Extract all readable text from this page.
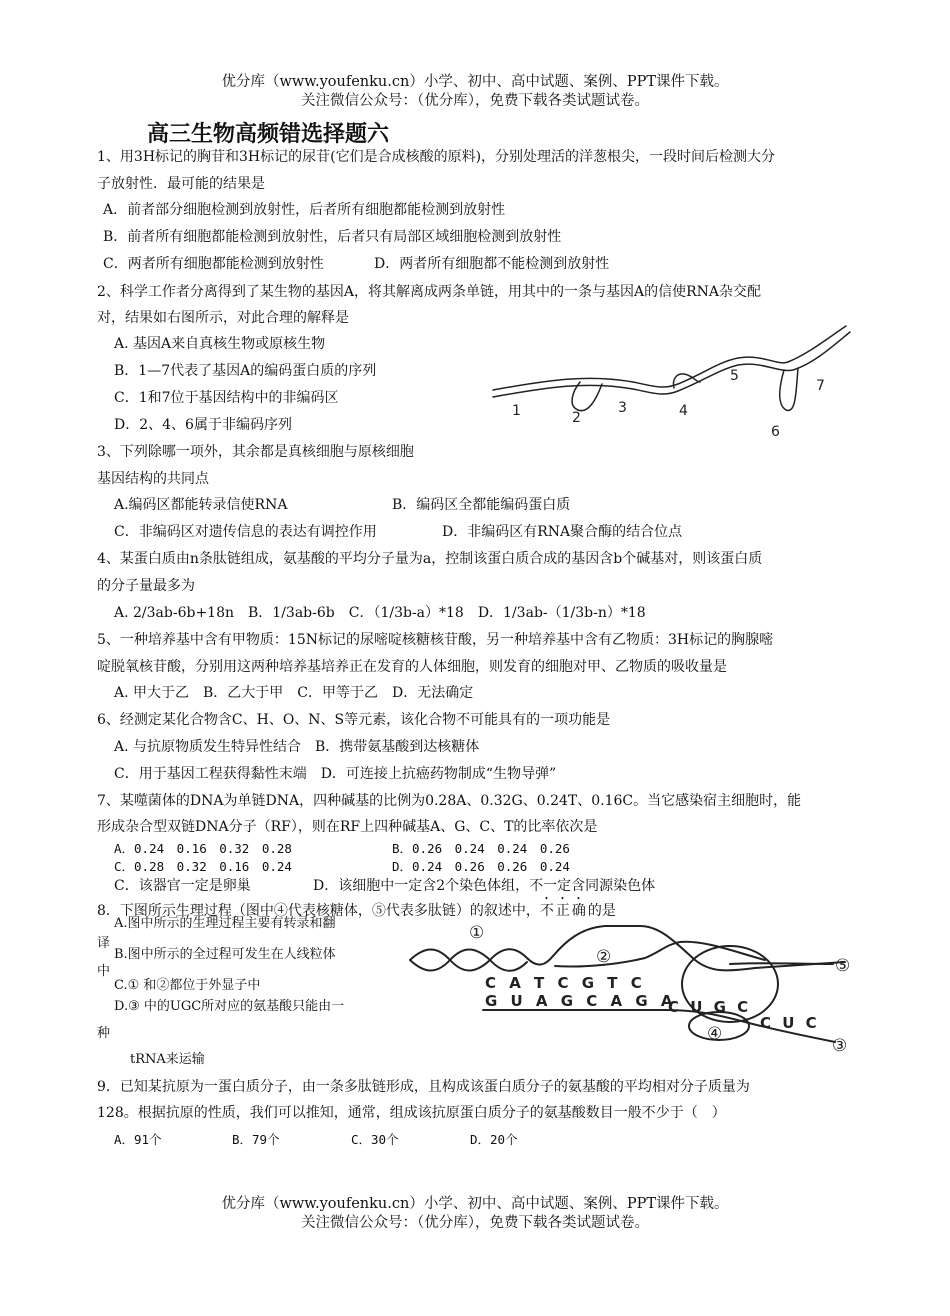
优分库（www.youfenku.cn）小学、初中、高中试题、案例、PPT课件下载。
关注微信公众号：（优分库），免费下载各类试题试卷。
高三生物高频错选择题六
1、用3H标记的胸苷和3H标记的尿苷(它们是合成核酸的原料)，分别处理活的洋葱根尖，一段时间后检测大分
子放射性．最可能的结果是
A．前者部分细胞检测到放射性，后者所有细胞都能检测到放射性
B．前者所有细胞都能检测到放射性，后者只有局部区域细胞检测到放射性
C．两者所有细胞都能检测到放射性	D．两者所有细胞都不能检测到放射性
2、科学工作者分离得到了某生物的基因A，将其解离成两条单链，用其中的一条与基因A的信使RNA杂交配
对，结果如右图所示，对此合理的解释是
A. 基因A来自真核生物或原核生物
B．1—7代表了基因A的编码蛋白质的序列
C．1和7位于基因结构中的非编码区
D．2、4、6属于非编码序列
1	2
3	4
5
6
7
3、下列除哪一项外，其余都是真核细胞与原核细胞
基因结构的共同点
A.编码区都能转录信使RNA	B．编码区全都能编码蛋白质
C．非编码区对遗传信息的表达有调控作用	D．非编码区有RNA聚合酶的结合位点
4、某蛋白质由n条肽链组成，氨基酸的平均分子量为a，控制该蛋白质合成的基因含b个碱基对，则该蛋白质
的分子量最多为
A. 2/3ab-6b+18n　B．1/3ab-6b　C．（1/3b-a）*18　D．1/3ab-（1/3b-n）*18
5、一种培养基中含有甲物质：15N标记的尿嘧啶核糖核苷酸，另一种培养基中含有乙物质：3H标记的胸腺嘧
啶脱氧核苷酸，分别用这两种培养基培养正在发育的人体细胞，则发育的细胞对甲、乙物质的吸收量是
A. 甲大于乙　B．乙大于甲　C．甲等于乙　D．无法确定
6、经测定某化合物含C、H、O、N、S等元素，该化合物不可能具有的一项功能是
A. 与抗原物质发生特异性结合　B．携带氨基酸到达核糖体
C．用于基因工程获得黏性末端　D．可连接上抗癌药物制成“生物导弹”
7、某噬菌体的DNA为单链DNA，四种碱基的比例为0.28A、0.32G、0.24T、0.16C。当它感染宿主细胞时，能
形成杂合型双链DNA分子（RF），则在RF上四种碱基A、G、C、T的比率依次是
A．0.24　0.16　0.32　0.28	B．0.26　0.24　0.24　0.26
C．0.28　0.32　0.16　0.24	D．0.24　0.26　0.26　0.24
C．该器官一定是卵巢	D．该细胞中一定含2个染色体组，不一定含同源染色体
8．下图所示生理过程（图中④代表核糖体，⑤代表多肽链）的叙述中，不正确的是
A.图中所示的生理过程主要有转录和翻
译
B.图中所示的全过程可发生在人线粒体
中
C.① 和②都位于外显子中
D.③ 中的UGC所对应的氨基酸只能由一
种
tRNA来运输
①
②
③
④
⑤
C A T C G T C
G U A G C A G A
C U G C
C U C
9．已知某抗原为一蛋白质分子，由一条多肽链形成，且构成该蛋白质分子的氨基酸的平均相对分子质量为
128。根据抗原的性质，我们可以推知，通常，组成该抗原蛋白质分子的氨基酸数目一般不少于（　）
A．91个	B．79个	C．30个	D．20个
优分库（www.youfenku.cn）小学、初中、高中试题、案例、PPT课件下载。
关注微信公众号：（优分库），免费下载各类试题试卷。
